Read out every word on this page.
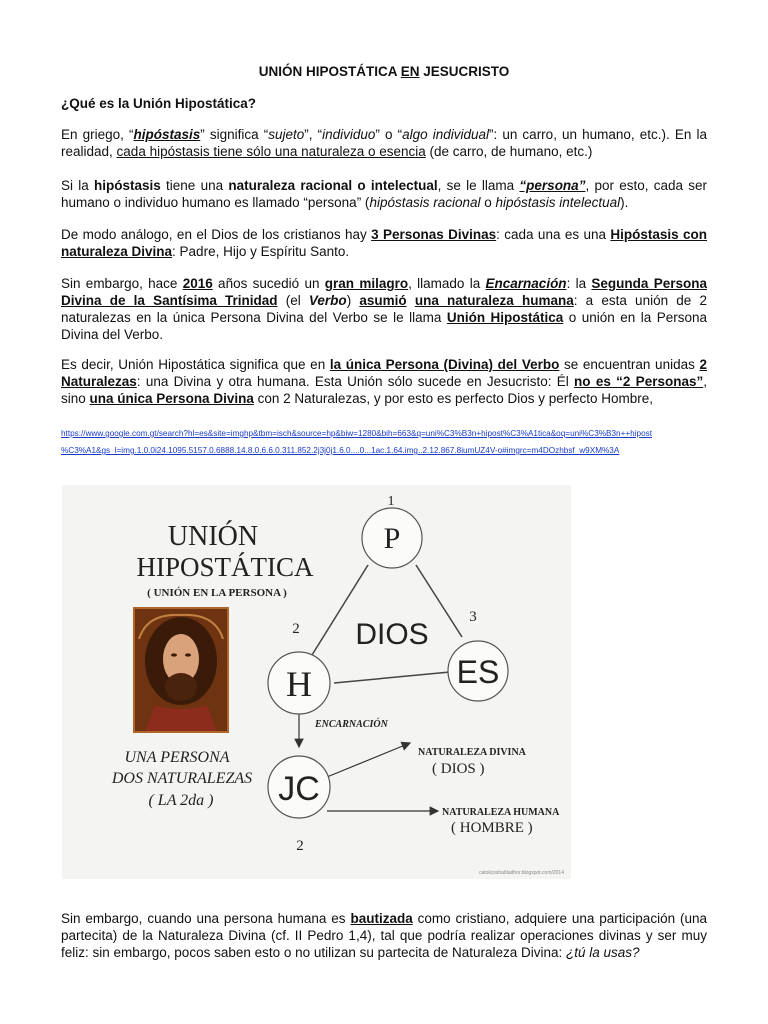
UNIÓN HIPOSTÁTICA EN JESUCRISTO
¿Qué es la Unión Hipostática?
En griego, “hipóstasis” significa “sujeto”, “individuo” o “algo individual”: un carro, un humano, etc.). En la realidad, cada hipóstasis tiene sólo una naturaleza o esencia (de carro, de humano, etc.)
Si la hipóstasis tiene una naturaleza racional o intelectual, se le llama “persona”, por esto, cada ser humano o individuo humano es llamado “persona” (hipóstasis racional o hipóstasis intelectual).
De modo análogo, en el Dios de los cristianos hay 3 Personas Divinas: cada una es una Hipóstasis con naturaleza Divina: Padre, Hijo y Espíritu Santo.
Sin embargo, hace 2016 años sucedió un gran milagro, llamado la Encarnación: la Segunda Persona Divina de la Santísima Trinidad (el Verbo) asumió una naturaleza humana: a esta unión de 2 naturalezas en la única Persona Divina del Verbo se le llama Unión Hipostática o unión en la Persona Divina del Verbo.
Es decir, Unión Hipostática significa que en la única Persona (Divina) del Verbo se encuentran unidas 2 Naturalezas: una Divina y otra humana. Esta Unión sólo sucede en Jesucristo: Él no es “2 Personas”, sino una única Persona Divina con 2 Naturalezas, y por esto es perfecto Dios y perfecto Hombre,
https://www.google.com.gt/search?hl=es&site=imghp&tbm=isch&source=hp&biw=1280&bih=663&q=uni%C3%B3n+hipost%C3%A1tica&oq=uni%C3%B3n++hipost
%C3%A1&gs_l=img.1.0.0i24.1095.5157.0.6888.14.8.0.6.6.0.311.852.2j3j0j1.6.0....0...1ac.1.64.img..2.12.867.8iumUZ4V-o#imgrc=m4DOzhbsf_w9XM%3A
UNIÓN
HIPOSTÁTICA
( UNIÓN EN LA PERSONA )
P
H	ES
JC
DIOS
1
2
3
2
ENCARNACIÓN
NATURALEZA DIVINA
( DIOS )
NATURALEZA HUMANA
( HOMBRE )
UNA PERSONA
DOS NATURALEZAS
( LA 2da )
catolicoshabladhor.blogspot.com/2014
Sin embargo, cuando una persona humana es bautizada como cristiano, adquiere una participación (una partecita) de la Naturaleza Divina (cf. II Pedro 1,4), tal que podría realizar operaciones divinas y ser muy feliz: sin embargo, pocos saben esto o no utilizan su partecita de Naturaleza Divina: ¿tú la usas?
